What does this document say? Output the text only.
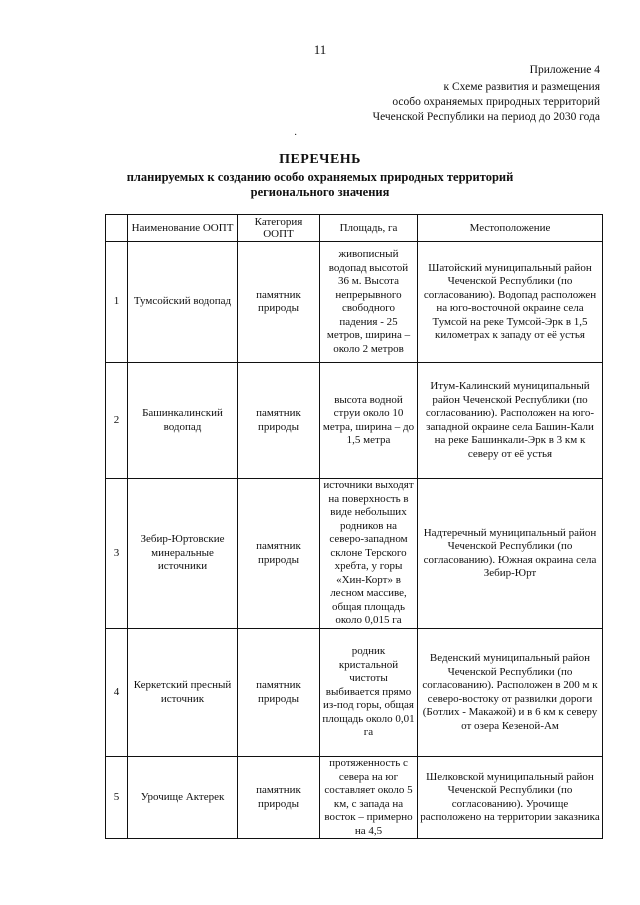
11
Приложение 4
к Схеме развития и размещения
особо охраняемых природных территорий
Чеченской Республики на период до 2030 года
·
ПЕРЕЧЕНЬ
планируемых к созданию особо охраняемых природных территорий
регионального значения
	Наименование ООПТ	Категория ООПТ	Площадь, га	Местоположение
1	Тумсойский водопад	памятник природы	живописный водопад высотой 36 м. Высота непрерывного свободного падения - 25 метров, ширина – около 2 метров	Шатойский муниципальный район Чеченской Республики (по согласованию). Водопад расположен на юго-восточной окраине села Тумсой на реке Тумсой-Эрк в 1,5 километрах к западу от её устья
2	Башинкалинский водопад	памятник природы	высота водной струи около 10 метра, ширина – до 1,5 метра	Итум-Калинский муниципальный район Чеченской Республики (по согласованию). Расположен на юго-западной окраине села Башин-Кали на реке Башинкали-Эрк в 3 км к северу от её устья
3	Зебир-Юртовские минеральные источники	памятник природы	источники выходят на поверхность в виде небольших родников на северо-западном склоне Терского хребта, у горы «Хин-Корт» в лесном массиве, общая площадь около 0,015 га	Надтеречный муниципальный район Чеченской Республики (по согласованию). Южная окраина села Зебир-Юрт
4	Керкетский пресный источник	памятник природы	родник кристальной чистоты выбивается прямо из-под горы, общая площадь около 0,01 га	Веденский муниципальный район Чеченской Республики (по согласованию). Расположен в 200 м к северо-востоку от развилки дороги (Ботлих - Макажой) и в 6 км к северу от озера Кезеной-Ам
5	Урочище Актерек	памятник природы	протяженность с севера на юг составляет около 5 км, с запада на восток – примерно на 4,5	Шелковской муниципальный район Чеченской Республики (по согласованию). Урочище расположено на территории заказника
